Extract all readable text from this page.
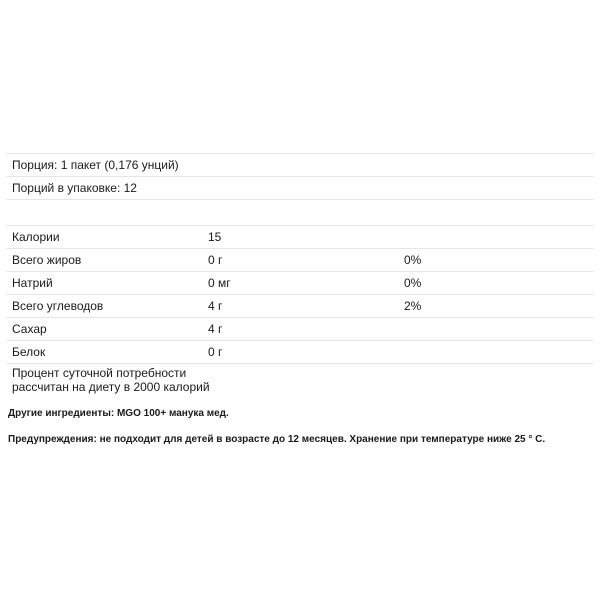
Порция: 1 пакет (0,176 унций)
Порций в упаковке: 12
Калории	15	
Всего жиров	0 г	0%
Натрий	0 мг	0%
Всего углеводов	4 г	2%
Сахар	4 г	
Белок	0 г	
Процент суточной потребности
рассчитан на диету в 2000 калорий		
Другие ингредиенты: MGO 100+ манука мед.
Предупреждения: не подходит для детей в возрасте до 12 месяцев. Хранение при температуре ниже 25 ° C.
